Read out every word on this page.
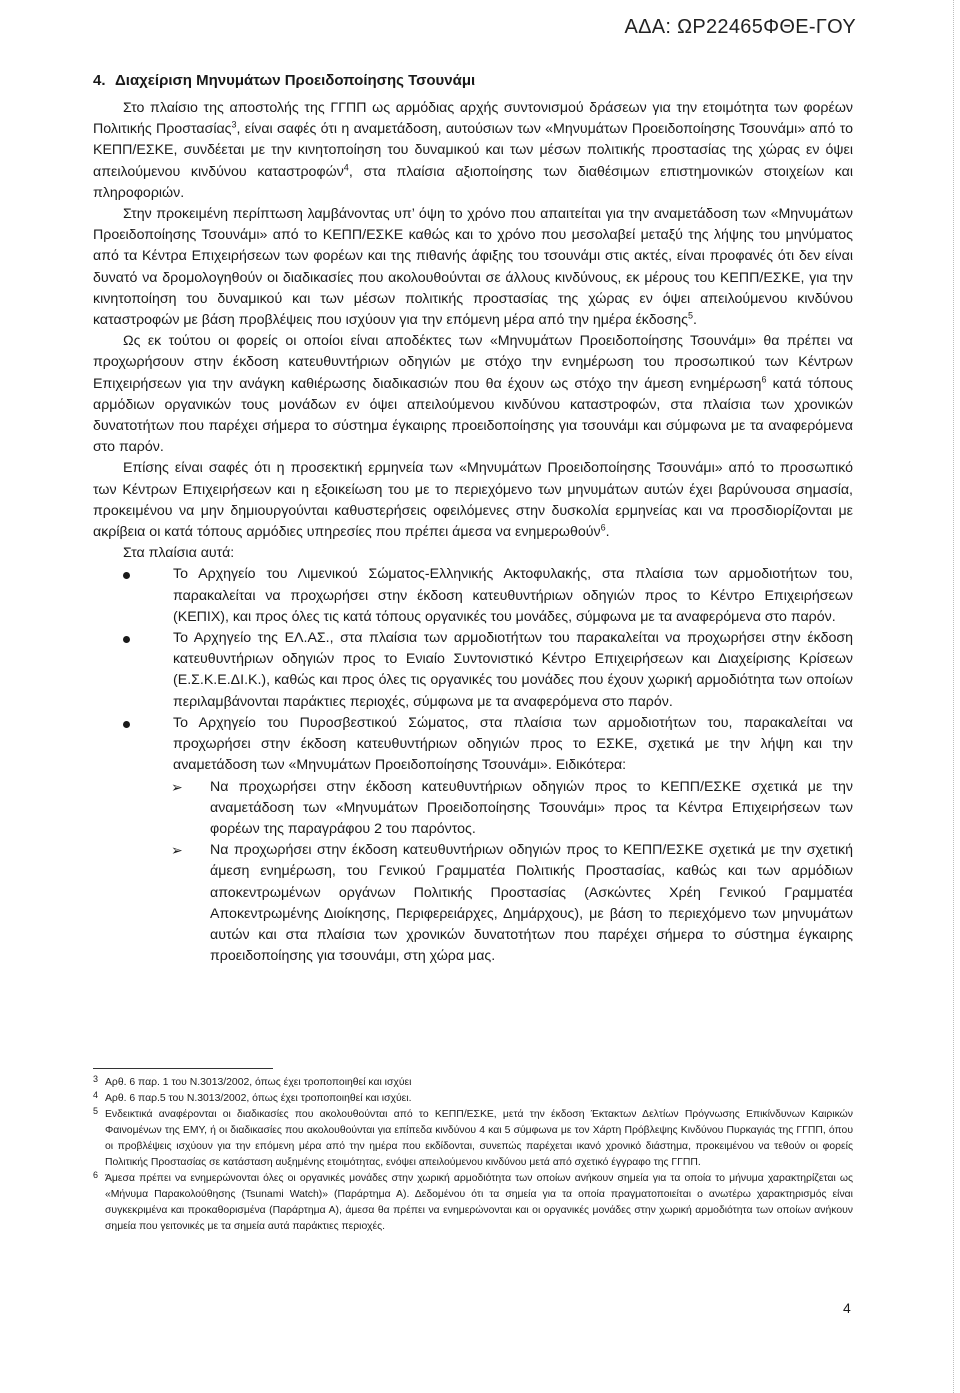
ΑΔΑ: ΩΡ22465ΦΘΕ-ΓΟΥ
4. Διαχείριση Μηνυμάτων Προειδοποίησης Τσουνάμι

Στο πλαίσιο της αποστολής της ΓΓΠΠ ως αρμόδιας αρχής συντονισμού δράσεων για την ετοιμότητα των φορέων Πολιτικής Προστασίας$^3$, είναι σαφές ότι η αναμετάδοση, αυτούσιων των «Μηνυμάτων Προειδοποίησης Τσουνάμι» από το ΚΕΠΠ/ΕΣΚΕ, συνδέεται με την κινητοποίηση του δυναμικού και των μέσων πολιτικής προστασίας της χώρας εν όψει απειλούμενου κινδύνου καταστροφών$^4$, στα πλαίσια αξιοποίησης των διαθέσιμων επιστημονικών στοιχείων και πληροφοριών.

Στην προκειμένη περίπτωση λαμβάνοντας υπ’ όψη το χρόνο που απαιτείται για την αναμετάδοση των «Μηνυμάτων Προειδοποίησης Τσουνάμι» από το ΚΕΠΠ/ΕΣΚΕ καθώς και το χρόνο που μεσολαβεί μεταξύ της λήψης του μηνύματος από τα Κέντρα Επιχειρήσεων των φορέων και της πιθανής άφιξης του τσουνάμι στις ακτές, είναι προφανές ότι δεν είναι δυνατό να δρομολογηθούν οι διαδικασίες που ακολουθούνται σε άλλους κινδύνους, εκ μέρους του ΚΕΠΠ/ΕΣΚΕ, για την κινητοποίηση του δυναμικού και των μέσων πολιτικής προστασίας της χώρας εν όψει απειλούμενου κινδύνου καταστροφών με βάση προβλέψεις που ισχύουν για την επόμενη μέρα από την ημέρα έκδοσης$^5$.

Ως εκ τούτου οι φορείς οι οποίοι είναι αποδέκτες των «Μηνυμάτων Προειδοποίησης Τσουνάμι» θα πρέπει να προχωρήσουν στην έκδοση κατευθυντήριων οδηγιών με στόχο την ενημέρωση του προσωπικού των Κέντρων Επιχειρήσεων για την ανάγκη καθιέρωσης διαδικασιών που θα έχουν ως στόχο την άμεση ενημέρωση$^6$ κατά τόπους αρμόδιων οργανικών τους μονάδων εν όψει απειλούμενου κινδύνου καταστροφών, στα πλαίσια των χρονικών δυνατοτήτων που παρέχει σήμερα το σύστημα έγκαιρης προειδοποίησης για τσουνάμι και σύμφωνα με τα αναφερόμενα στο παρόν.

Επίσης είναι σαφές ότι η προσεκτική ερμηνεία των «Μηνυμάτων Προειδοποίησης Τσουνάμι» από το προσωπικό των Κέντρων Επιχειρήσεων και η εξοικείωση του με το περιεχόμενο των μηνυμάτων αυτών έχει βαρύνουσα σημασία, προκειμένου να μην δημιουργούνται καθυστερήσεις οφειλόμενες στην δυσκολία ερμηνείας και να προσδιορίζονται με ακρίβεια οι κατά τόπους αρμόδιες υπηρεσίες που πρέπει άμεσα να ενημερωθούν$^6$.

Στα πλαίσια αυτά:

Το Αρχηγείο του Λιμενικού Σώματος-Ελληνικής Ακτοφυλακής, στα πλαίσια των αρμοδιοτήτων του, παρακαλείται να προχωρήσει στην έκδοση κατευθυντήριων οδηγιών προς το Κέντρο Επιχειρήσεων (ΚΕΠΙΧ), και προς όλες τις κατά τόπους οργανικές του μονάδες, σύμφωνα με τα αναφερόμενα στο παρόν.
Το Αρχηγείο της ΕΛ.ΑΣ., στα πλαίσια των αρμοδιοτήτων του παρακαλείται να προχωρήσει στην έκδοση κατευθυντήριων οδηγιών προς το Ενιαίο Συντονιστικό Κέντρο Επιχειρήσεων και Διαχείρισης Κρίσεων (Ε.Σ.Κ.Ε.ΔΙ.Κ.), καθώς και προς όλες τις οργανικές του μονάδες που έχουν χωρική αρμοδιότητα των οποίων περιλαμβάνονται παράκτιες περιοχές, σύμφωνα με τα αναφερόμενα στο παρόν.
Το Αρχηγείο του Πυροσβεστικού Σώματος, στα πλαίσια των αρμοδιοτήτων του, παρακαλείται να προχωρήσει στην έκδοση κατευθυντήριων οδηγιών προς το ΕΣΚΕ, σχετικά με την λήψη και την αναμετάδοση των «Μηνυμάτων Προειδοποίησης Τσουνάμι». Ειδικότερα:
➢ Να προχωρήσει στην έκδοση κατευθυντήριων οδηγιών προς το ΚΕΠΠ/ΕΣΚΕ σχετικά με την αναμετάδοση των «Μηνυμάτων Προειδοποίησης Τσουνάμι» προς τα Κέντρα Επιχειρήσεων των φορέων της παραγράφου 2 του παρόντος.
➢ Να προχωρήσει στην έκδοση κατευθυντήριων οδηγιών προς το ΚΕΠΠ/ΕΣΚΕ σχετικά με την σχετική άμεση ενημέρωση, του Γενικού Γραμματέα Πολιτικής Προστασίας, καθώς και των αρμόδιων αποκεντρωμένων οργάνων Πολιτικής Προστασίας (Ασκώντες Χρέη Γενικού Γραμματέα Αποκεντρωμένης Διοίκησης, Περιφερειάρχες, Δημάρχους), με βάση το περιεχόμενο των μηνυμάτων αυτών και στα πλαίσια των χρονικών δυνατοτήτων που παρέχει σήμερα το σύστημα έγκαιρης προειδοποίησης για τσουνάμι, στη χώρα μας.
3 Αρθ. 6 παρ. 1 του Ν.3013/2002, όπως έχει τροποποιηθεί και ισχύει
4 Αρθ. 6 παρ.5 του Ν.3013/2002, όπως έχει τροποποιηθεί και ισχύει.
5 Ενδεικτικά αναφέρονται οι διαδικασίες που ακολουθούνται από το ΚΕΠΠ/ΕΣΚΕ, μετά την έκδοση Έκτακτων Δελτίων Πρόγνωσης Επικίνδυνων Καιρικών Φαινομένων της ΕΜΥ, ή οι διαδικασίες που ακολουθούνται για επίπεδα κινδύνου 4 και 5 σύμφωνα με τον Χάρτη Πρόβλεψης Κινδύνου Πυρκαγιάς της ΓΓΠΠ, όπου οι προβλέψεις ισχύουν για την επόμενη μέρα από την ημέρα που εκδίδονται, συνεπώς παρέχεται ικανό χρονικό διάστημα, προκειμένου να τεθούν οι φορείς Πολιτικής Προστασίας σε κατάσταση αυξημένης ετοιμότητας, ενόψει απειλούμενου κινδύνου μετά από σχετικό έγγραφο της ΓΓΠΠ.
6 Άμεσα πρέπει να ενημερώνονται όλες οι οργανικές μονάδες στην χωρική αρμοδιότητα των οποίων ανήκουν σημεία για τα οποία το μήνυμα χαρακτηρίζεται ως «Μήνυμα Παρακολούθησης (Tsunami Watch)» (Παράρτημα Α). Δεδομένου ότι τα σημεία για τα οποία πραγματοποιείται ο ανωτέρω χαρακτηρισμός είναι συγκεκριμένα και προκαθορισμένα (Παράρτημα Α), άμεσα θα πρέπει να ενημερώνονται και οι οργανικές μονάδες στην χωρική αρμοδιότητα των οποίων ανήκουν σημεία που γειτονικές με τα σημεία αυτά παράκτιες περιοχές.
4
